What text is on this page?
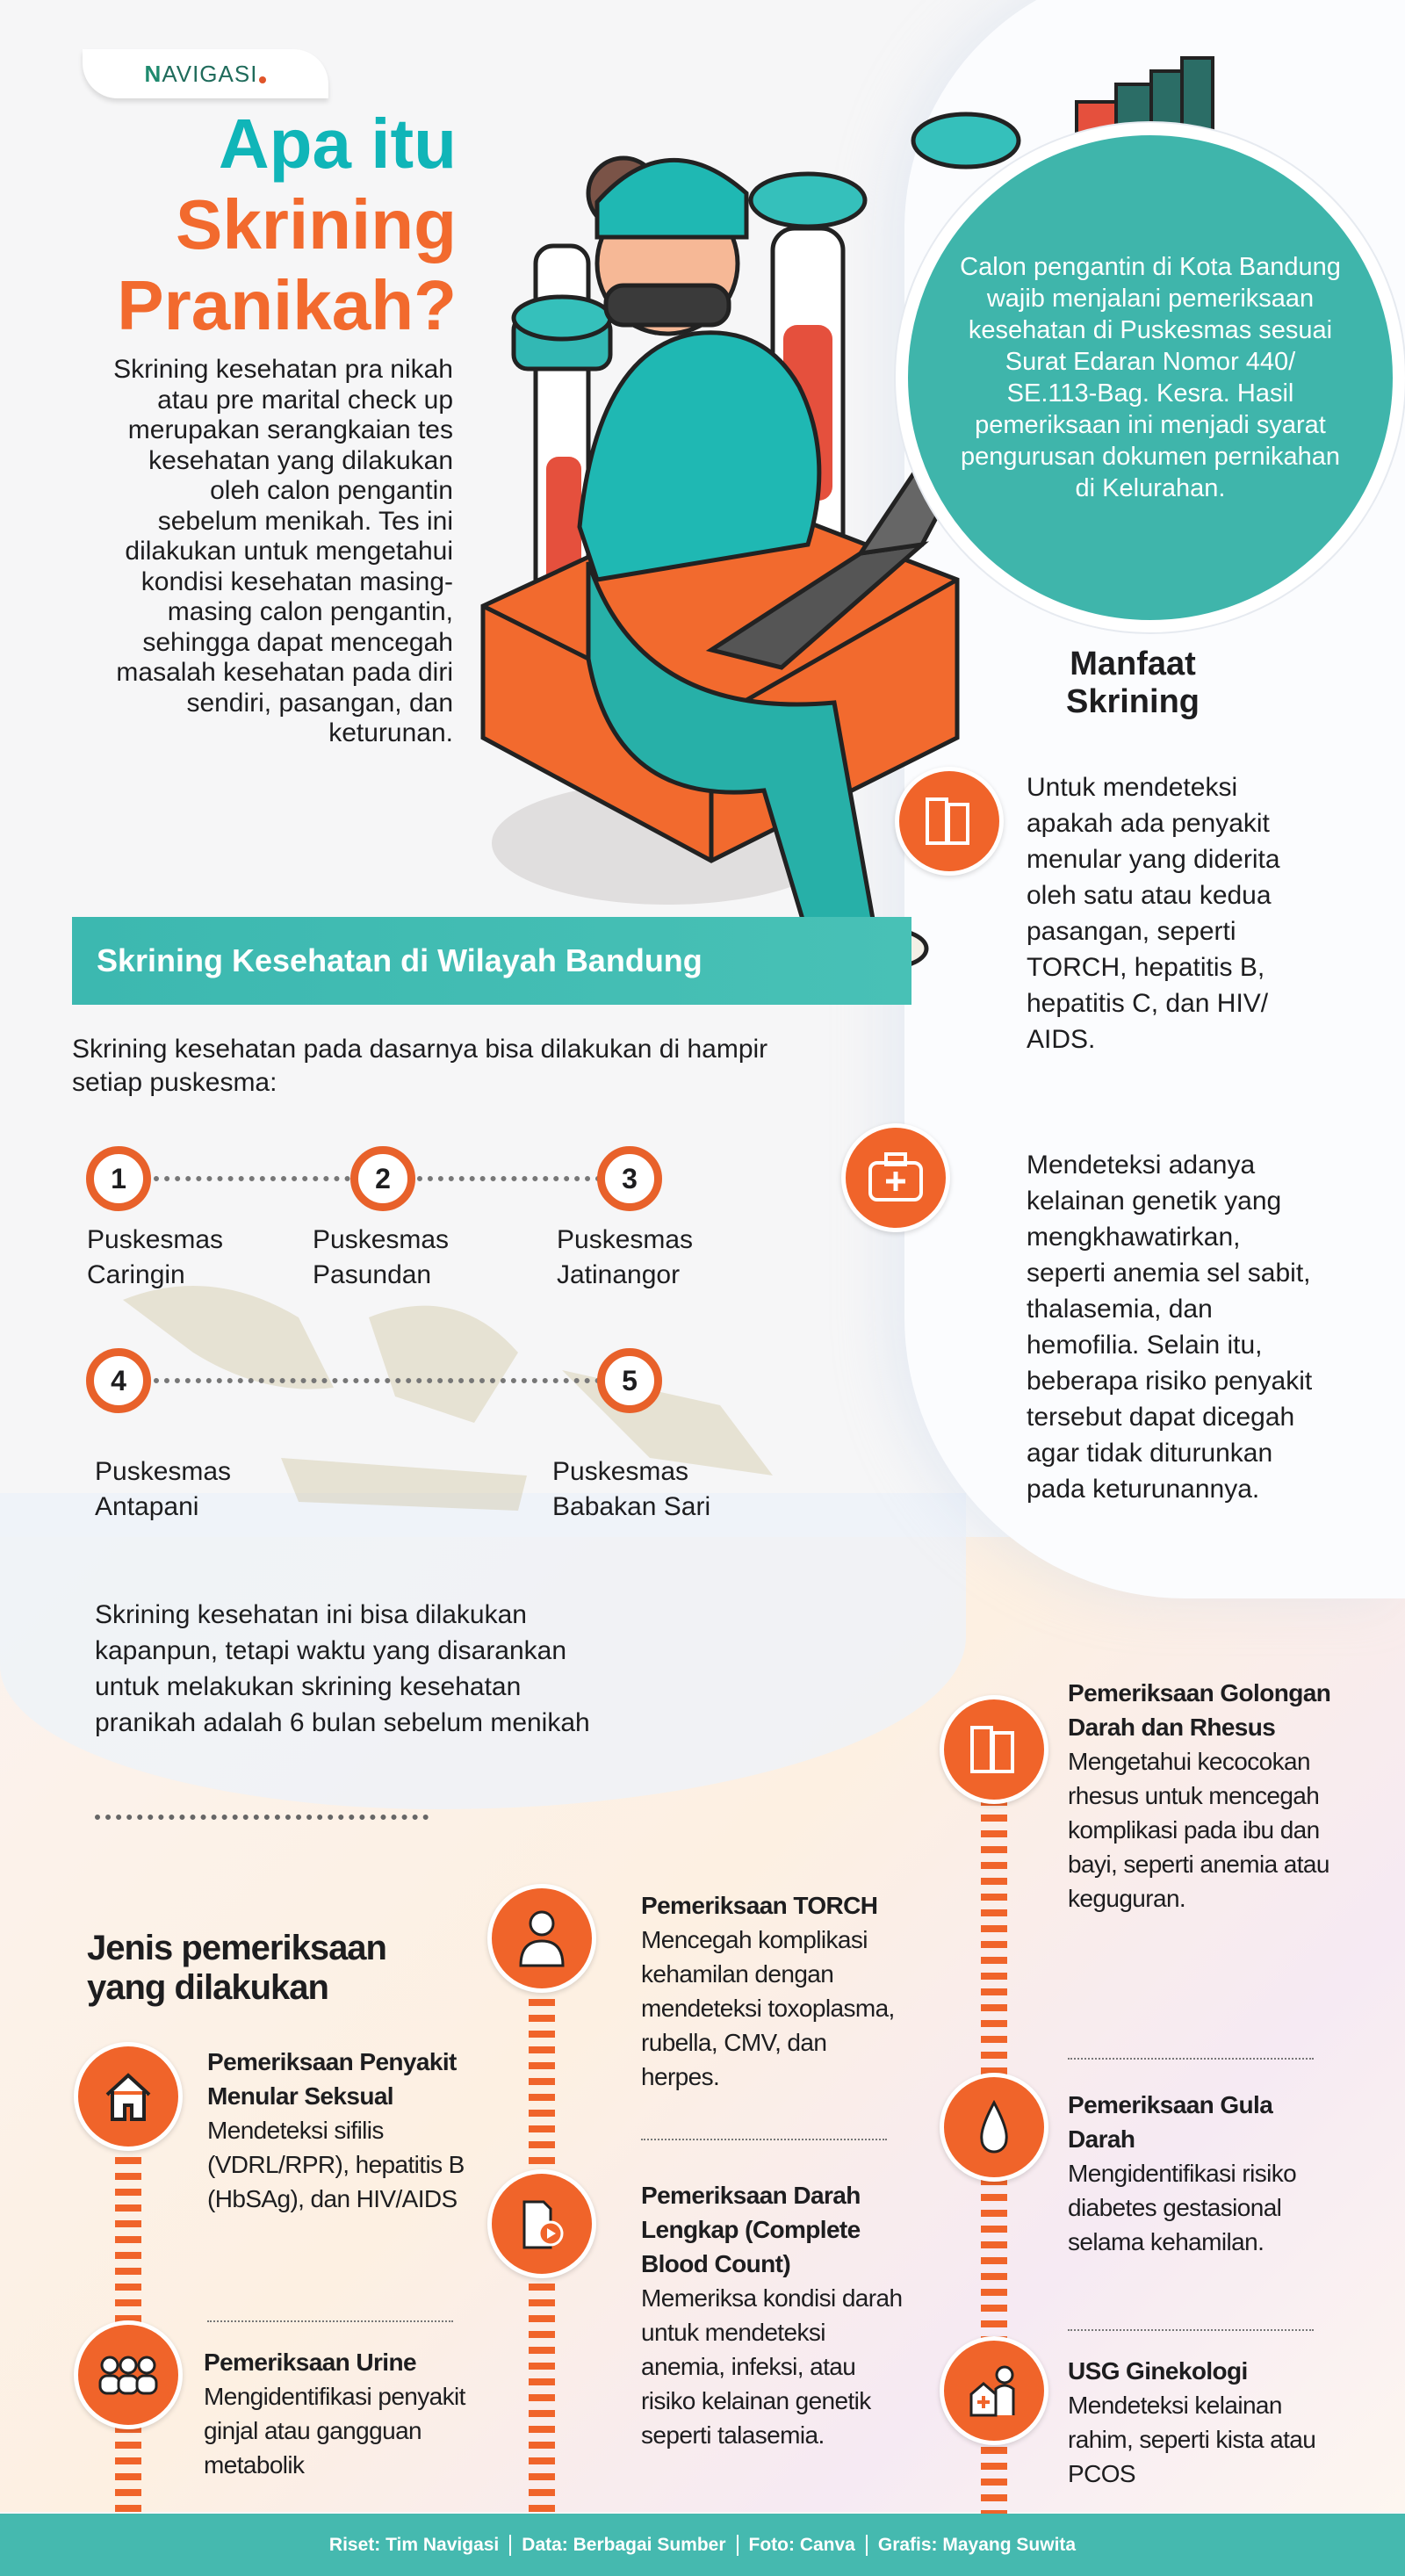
NAVIGASI
Apa itu
Skrining
Pranikah?
Skrining kesehatan pra nikah atau pre marital check up merupakan serangkaian tes kesehatan yang dilakukan oleh calon pengantin sebelum menikah. Tes ini dilakukan untuk mengetahui kondisi kesehatan masing-masing calon pengantin, sehingga dapat mencegah masalah kesehatan pada diri sendiri, pasangan, dan keturunan.
Calon pengantin di Kota Bandung wajib menjalani pemeriksaan kesehatan di Puskesmas sesuai Surat Edaran Nomor 440/ SE.113-Bag. Kesra. Hasil pemeriksaan ini menjadi syarat pengurusan dokumen pernikahan di Kelurahan.
Manfaat Skrining
Untuk mendeteksi apakah ada penyakit menular yang diderita oleh satu atau kedua pasangan, seperti TORCH, hepatitis B, hepatitis C, dan HIV/ AIDS.
Mendeteksi adanya kelainan genetik yang mengkhawatirkan, seperti anemia sel sabit, thalasemia, dan hemofilia. Selain itu, beberapa risiko penyakit tersebut dapat dicegah agar tidak diturunkan pada keturunannya.
Skrining Kesehatan di Wilayah Bandung
Skrining kesehatan pada dasarnya bisa dilakukan di hampir setiap puskesma:
1	2	3
4	5
Puskesmas
Caringin
Puskesmas
Pasundan
Puskesmas
Jatinangor
Puskesmas
Antapani
Puskesmas
Babakan Sari
Skrining kesehatan ini bisa dilakukan kapanpun, tetapi waktu yang disarankan untuk melakukan skrining kesehatan pranikah adalah 6 bulan sebelum menikah
Jenis pemeriksaan
yang dilakukan
Pemeriksaan Penyakit Menular Seksual
Mendeteksi sifilis (VDRL/RPR), hepatitis B (HbSAg), dan HIV/AIDS
Pemeriksaan Urine
Mengidentifikasi penyakit ginjal atau gangguan metabolik
Pemeriksaan TORCH
Mencegah komplikasi kehamilan dengan mendeteksi toxoplasma, rubella, CMV, dan herpes.
Pemeriksaan Darah Lengkap (Complete Blood Count)
Memeriksa kondisi darah untuk mendeteksi anemia, infeksi, atau risiko kelainan genetik seperti talasemia.
Pemeriksaan Golongan Darah dan Rhesus
Mengetahui kecocokan rhesus untuk mencegah komplikasi pada ibu dan bayi, seperti anemia atau keguguran.
Pemeriksaan Gula Darah
Mengidentifikasi risiko diabetes gestasional selama kehamilan.
USG Ginekologi
Mendeteksi kelainan rahim, seperti kista atau PCOS
Riset: Tim Navigasi Data: Berbagai Sumber Foto: Canva Grafis: Mayang Suwita
